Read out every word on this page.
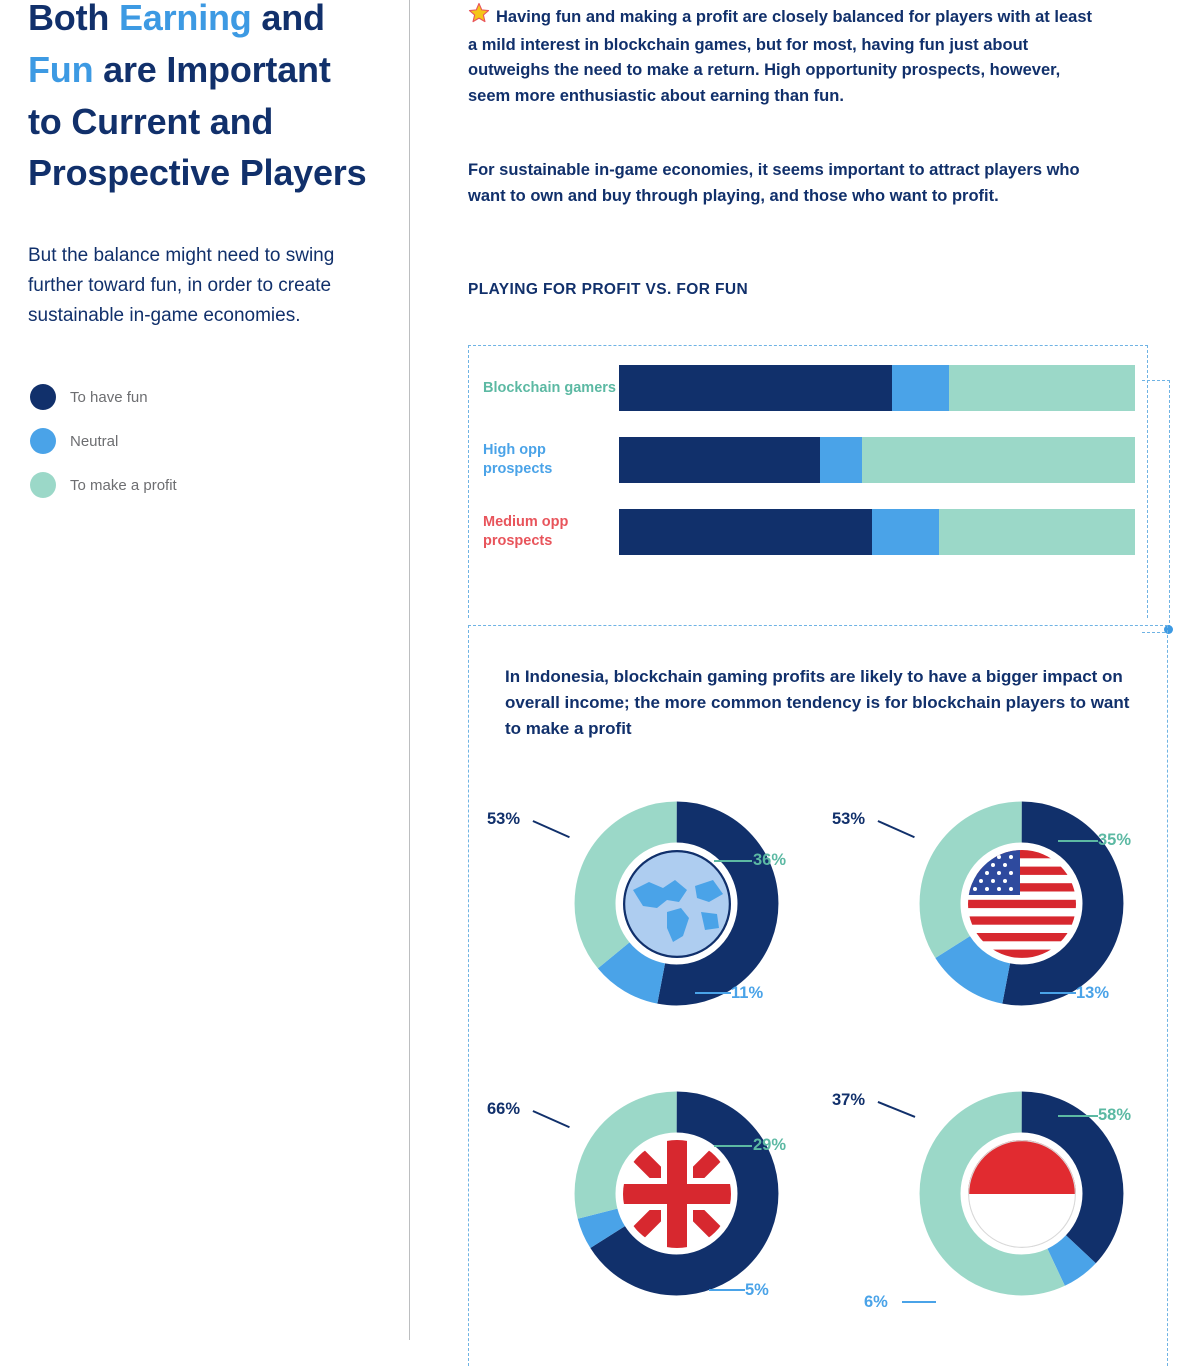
Both Earning and Fun are Important to Current and Prospective Players
But the balance might need to swing further toward fun, in order to create sustainable in-game economies.
To have fun
Neutral
To make a profit
Having fun and making a profit are closely balanced for players with at least a mild interest in blockchain games, but for most, having fun just about outweighs the need to make a return. High opportunity prospects, however, seem more enthusiastic about earning than fun.
For sustainable in-game economies, it seems important to attract players who want to own and buy through playing, and those who want to profit.
PLAYING FOR PROFIT VS. FOR FUN
Blockchain gamers
High opp prospects
Medium opp prospects
In Indonesia, blockchain gaming profits are likely to have a bigger impact on overall income; the more common tendency is for blockchain players to want to make a profit
53%
36%
11%
53%
35%
13%
66%
29%
5%
37%
58%
6%
